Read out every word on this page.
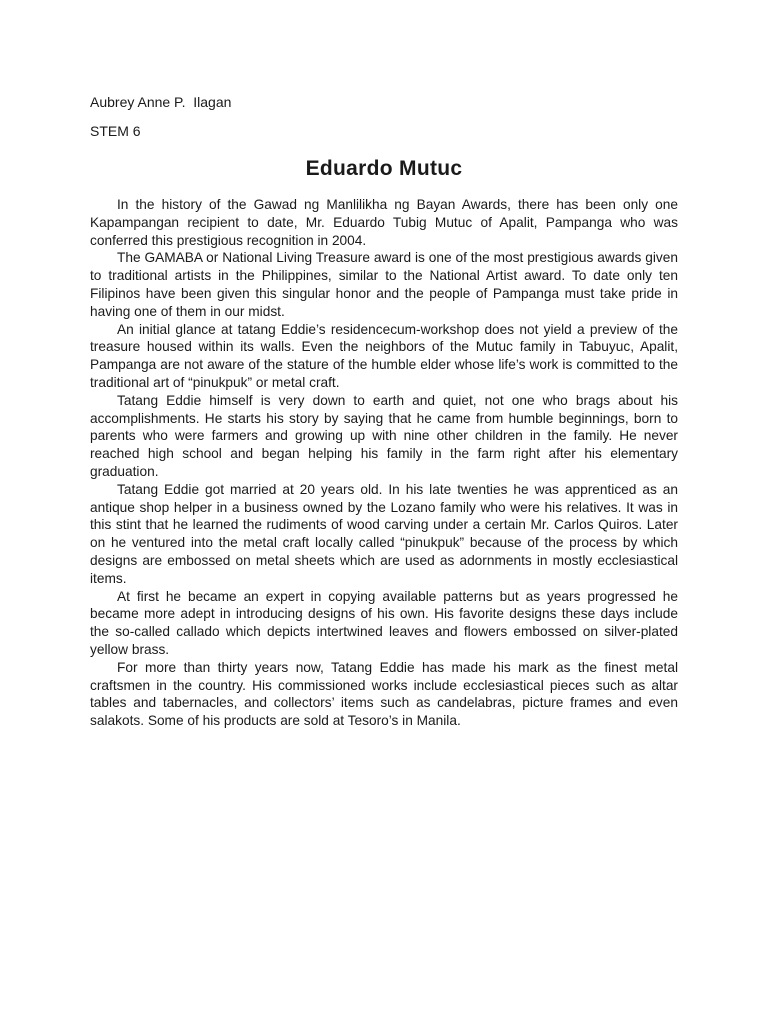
Aubrey Anne P.  Ilagan
STEM 6
Eduardo Mutuc

In the history of the Gawad ng Manlilikha ng Bayan Awards, there has been only one Kapampangan recipient to date, Mr. Eduardo Tubig Mutuc of Apalit, Pampanga who was conferred this prestigious recognition in 2004.

The GAMABA or National Living Treasure award is one of the most prestigious awards given to traditional artists in the Philippines, similar to the National Artist award. To date only ten Filipinos have been given this singular honor and the people of Pampanga must take pride in having one of them in our midst.

An initial glance at tatang Eddie’s residencecum-workshop does not yield a preview of the treasure housed within its walls. Even the neighbors of the Mutuc family in Tabuyuc, Apalit, Pampanga are not aware of the stature of the humble elder whose life’s work is committed to the traditional art of “pinukpuk” or metal craft.

Tatang Eddie himself is very down to earth and quiet, not one who brags about his accomplishments. He starts his story by saying that he came from humble beginnings, born to parents who were farmers and growing up with nine other children in the family. He never reached high school and began helping his family in the farm right after his elementary graduation.

Tatang Eddie got married at 20 years old. In his late twenties he was apprenticed as an antique shop helper in a business owned by the Lozano family who were his relatives. It was in this stint that he learned the rudiments of wood carving under a certain Mr. Carlos Quiros. Later on he ventured into the metal craft locally called “pinukpuk” because of the process by which designs are embossed on metal sheets which are used as adornments in mostly ecclesiastical items.

At first he became an expert in copying available patterns but as years progressed he became more adept in introducing designs of his own. His favorite designs these days include the so-called callado which depicts intertwined leaves and flowers embossed on silver-plated yellow brass.

For more than thirty years now, Tatang Eddie has made his mark as the finest metal craftsmen in the country. His commissioned works include ecclesiastical pieces such as altar tables and tabernacles, and collectors’ items such as candelabras, picture frames and even salakots. Some of his products are sold at Tesoro’s in Manila.
